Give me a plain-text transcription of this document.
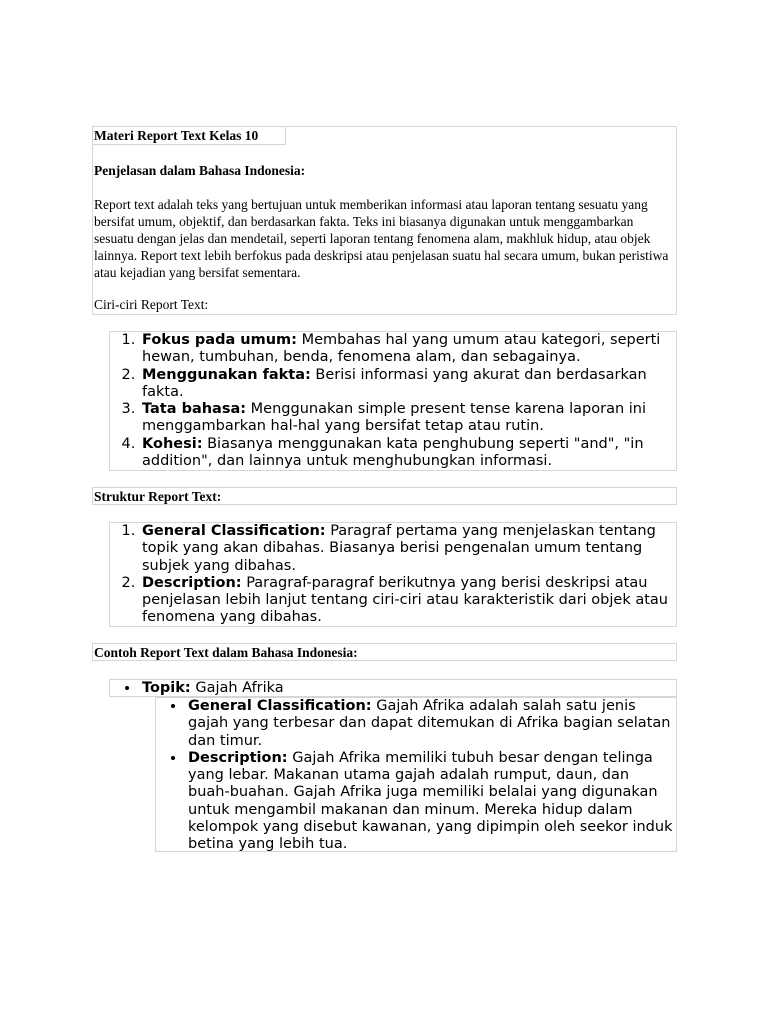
Materi Report Text Kelas 10
Penjelasan dalam Bahasa Indonesia:

Report text adalah teks yang bertujuan untuk memberikan informasi atau laporan tentang sesuatu yang bersifat umum, objektif, dan berdasarkan fakta. Teks ini biasanya digunakan untuk menggambarkan sesuatu dengan jelas dan mendetail, seperti laporan tentang fenomena alam, makhluk hidup, atau objek lainnya. Report text lebih berfokus pada deskripsi atau penjelasan suatu hal secara umum, bukan peristiwa atau kejadian yang bersifat sementara.

Ciri-ciri Report Text:
1. Fokus pada umum: Membahas hal yang umum atau kategori, seperti hewan, tumbuhan, benda, fenomena alam, dan sebagainya.
2. Menggunakan fakta: Berisi informasi yang akurat dan berdasarkan fakta.
3. Tata bahasa: Menggunakan simple present tense karena laporan ini menggambarkan hal-hal yang bersifat tetap atau rutin.
4. Kohesi: Biasanya menggunakan kata penghubung seperti "and", "in addition", dan lainnya untuk menghubungkan informasi.
Struktur Report Text:
1. General Classification: Paragraf pertama yang menjelaskan tentang topik yang akan dibahas. Biasanya berisi pengenalan umum tentang subjek yang dibahas.
2. Description: Paragraf-paragraf berikutnya yang berisi deskripsi atau penjelasan lebih lanjut tentang ciri-ciri atau karakteristik dari objek atau fenomena yang dibahas.
Contoh Report Text dalam Bahasa Indonesia:
• Topik: Gajah Afrika
• General Classification: Gajah Afrika adalah salah satu jenis gajah yang terbesar dan dapat ditemukan di Afrika bagian selatan dan timur.
• Description: Gajah Afrika memiliki tubuh besar dengan telinga yang lebar. Makanan utama gajah adalah rumput, daun, dan buah-buahan. Gajah Afrika juga memiliki belalai yang digunakan untuk mengambil makanan dan minum. Mereka hidup dalam kelompok yang disebut kawanan, yang dipimpin oleh seekor induk betina yang lebih tua.
